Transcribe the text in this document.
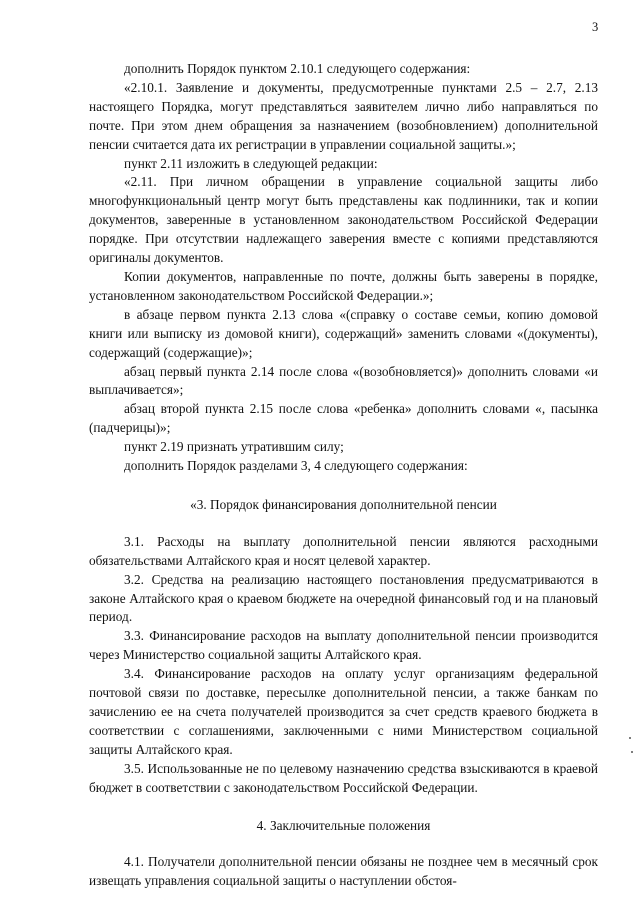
3

дополнить Порядок пунктом 2.10.1 следующего содержания:

«2.10.1. Заявление и документы, предусмотренные пунктами 2.5 – 2.7, 2.13 настоящего Порядка, могут представляться заявителем лично либо направляться по почте. При этом днем обращения за назначением (возобновлением) дополнительной пенсии считается дата их регистрации в управлении социальной защиты.»;

пункт 2.11 изложить в следующей редакции:

«2.11. При личном обращении в управление социальной защиты либо многофункциональный центр могут быть представлены как подлинники, так и копии документов, заверенные в установленном законодательством Российской Федерации порядке. При отсутствии надлежащего заверения вместе с копиями представляются оригиналы документов.

Копии документов, направленные по почте, должны быть заверены в порядке, установленном законодательством Российской Федерации.»;

в абзаце первом пункта 2.13 слова «(справку о составе семьи, копию домовой книги или выписку из домовой книги), содержащий» заменить словами «(документы), содержащий (содержащие)»;

абзац первый пункта 2.14 после слова «(возобновляется)» дополнить словами «и выплачивается»;

абзац второй пункта 2.15 после слова «ребенка» дополнить словами «, пасынка (падчерицы)»;

пункт 2.19 признать утратившим силу;

дополнить Порядок разделами 3, 4 следующего содержания:

«3. Порядок финансирования дополнительной пенсии

3.1. Расходы на выплату дополнительной пенсии являются расходными обязательствами Алтайского края и носят целевой характер.

3.2. Средства на реализацию настоящего постановления предусматриваются в законе Алтайского края о краевом бюджете на очередной финансовый год и на плановый период.

3.3. Финансирование расходов на выплату дополнительной пенсии производится через Министерство социальной защиты Алтайского края.

3.4. Финансирование расходов на оплату услуг организациям федеральной почтовой связи по доставке, пересылке дополнительной пенсии, а также банкам по зачислению ее на счета получателей производится за счет средств краевого бюджета в соответствии с соглашениями, заключенными с ними Министерством социальной защиты Алтайского края.

3.5. Использованные не по целевому назначению средства взыскиваются в краевой бюджет в соответствии с законодательством Российской Федерации.

4. Заключительные положения

4.1. Получатели дополнительной пенсии обязаны не позднее чем в месячный срок извещать управления социальной защиты о наступлении обстоя-
